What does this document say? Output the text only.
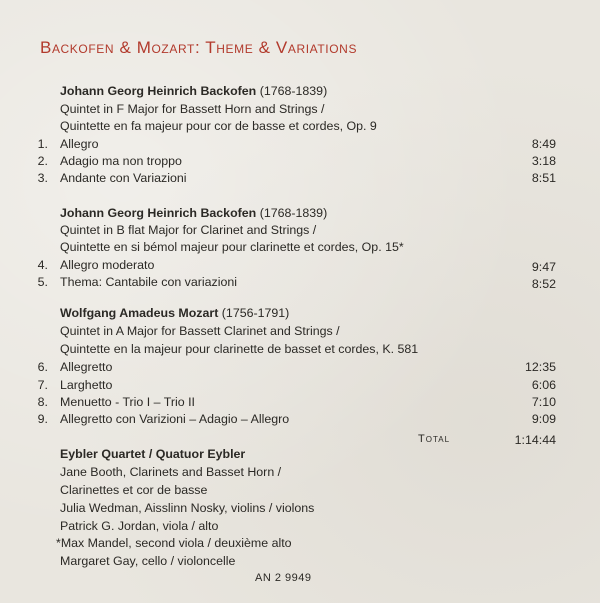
Backofen & Mozart: Theme & Variations
Johann Georg Heinrich Backofen (1768-1839)
Quintet in F Major for Bassett Horn and Strings /
Quintette en fa majeur pour cor de basse et cordes, Op. 9
1. Allegro	8:49
2. Adagio ma non troppo	3:18
3. Andante con Variazioni	8:51
Johann Georg Heinrich Backofen (1768-1839)
Quintet in B flat Major for Clarinet and Strings /
Quintette en si bémol majeur pour clarinette et cordes, Op. 15*
4. Allegro moderato	9:47
5. Thema: Cantabile con variazioni	8:52
Wolfgang Amadeus Mozart (1756-1791)
Quintet in A Major for Bassett Clarinet and Strings /
Quintette en la majeur pour clarinette de basset et cordes, K. 581
6. Allegretto	12:35
7. Larghetto	6:06
8. Menuetto - Trio I – Trio II	7:10
9. Allegretto con Varizioni – Adagio – Allegro	9:09
Total	1:14:44
Eybler Quartet / Quatuor Eybler
Jane Booth, Clarinets and Basset Horn /
Clarinettes et cor de basse
Julia Wedman, Aisslinn Nosky, violins / violons
Patrick G. Jordan, viola / alto
*Max Mandel, second viola / deuxième alto
Margaret Gay, cello / violoncelle
AN 2 9949
